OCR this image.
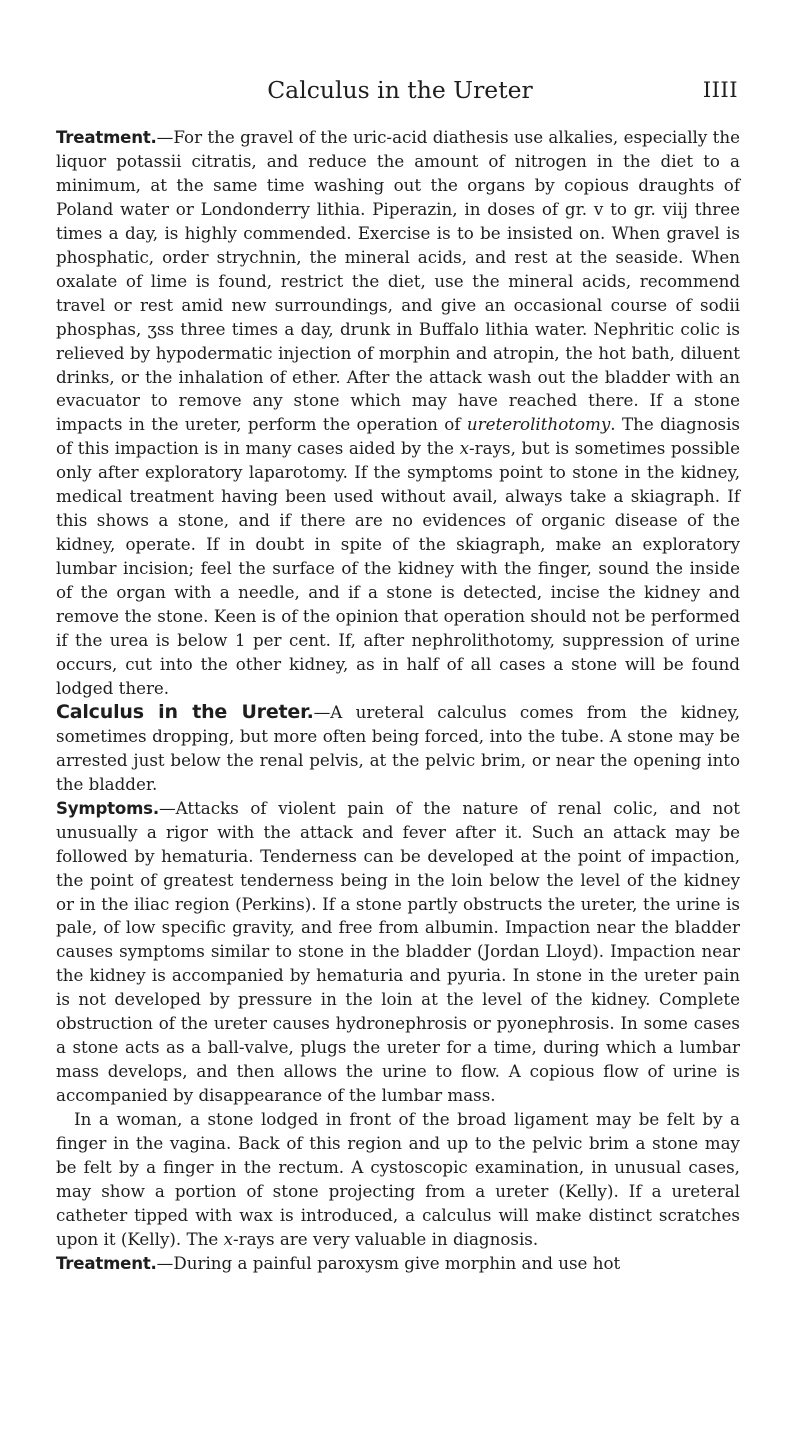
Calculus in the Ureter	IIII

Treatment.—For the gravel of the uric-acid diathesis use alkalies, especially the liquor potassii citratis, and reduce the amount of nitrogen in the diet to a minimum, at the same time washing out the organs by copious draughts of Poland water or Londonderry lithia. Piperazin, in doses of gr. v to gr. viij three times a day, is highly commended. Exercise is to be insisted on. When gravel is phosphatic, order strychnin, the mineral acids, and rest at the seaside. When oxalate of lime is found, restrict the diet, use the mineral acids, recommend travel or rest amid new surroundings, and give an occasional course of sodii phosphas, ʒss three times a day, drunk in Buffalo lithia water. Nephritic colic is relieved by hypodermatic injection of morphin and atropin, the hot bath, diluent drinks, or the inhalation of ether. After the attack wash out the bladder with an evacuator to remove any stone which may have reached there. If a stone impacts in the ureter, perform the operation of ureterolithotomy. The diagnosis of this impaction is in many cases aided by the x-rays, but is sometimes possible only after exploratory laparotomy. If the symptoms point to stone in the kidney, medical treatment having been used without avail, always take a skiagraph. If this shows a stone, and if there are no evidences of organic disease of the kidney, operate. If in doubt in spite of the skiagraph, make an exploratory lumbar incision; feel the surface of the kidney with the finger, sound the inside of the organ with a needle, and if a stone is detected, incise the kidney and remove the stone. Keen is of the opinion that operation should not be performed if the urea is below 1 per cent. If, after nephrolithotomy, suppression of urine occurs, cut into the other kidney, as in half of all cases a stone will be found lodged there.

Calculus in the Ureter.—A ureteral calculus comes from the kidney, sometimes dropping, but more often being forced, into the tube. A stone may be arrested just below the renal pelvis, at the pelvic brim, or near the opening into the bladder.

Symptoms.—Attacks of violent pain of the nature of renal colic, and not unusually a rigor with the attack and fever after it. Such an attack may be followed by hematuria. Tenderness can be developed at the point of impaction, the point of greatest tenderness being in the loin below the level of the kidney or in the iliac region (Perkins). If a stone partly obstructs the ureter, the urine is pale, of low specific gravity, and free from albumin. Impaction near the bladder causes symptoms similar to stone in the bladder (Jordan Lloyd). Impaction near the kidney is accompanied by hematuria and pyuria. In stone in the ureter pain is not developed by pressure in the loin at the level of the kidney. Complete obstruction of the ureter causes hydronephrosis or pyonephrosis. In some cases a stone acts as a ball-valve, plugs the ureter for a time, during which a lumbar mass develops, and then allows the urine to flow. A copious flow of urine is accompanied by disappearance of the lumbar mass.

In a woman, a stone lodged in front of the broad ligament may be felt by a finger in the vagina. Back of this region and up to the pelvic brim a stone may be felt by a finger in the rectum. A cystoscopic examination, in unusual cases, may show a portion of stone projecting from a ureter (Kelly). If a ureteral catheter tipped with wax is introduced, a calculus will make distinct scratches upon it (Kelly). The x-rays are very valuable in diagnosis.

Treatment.—During a painful paroxysm give morphin and use hot
